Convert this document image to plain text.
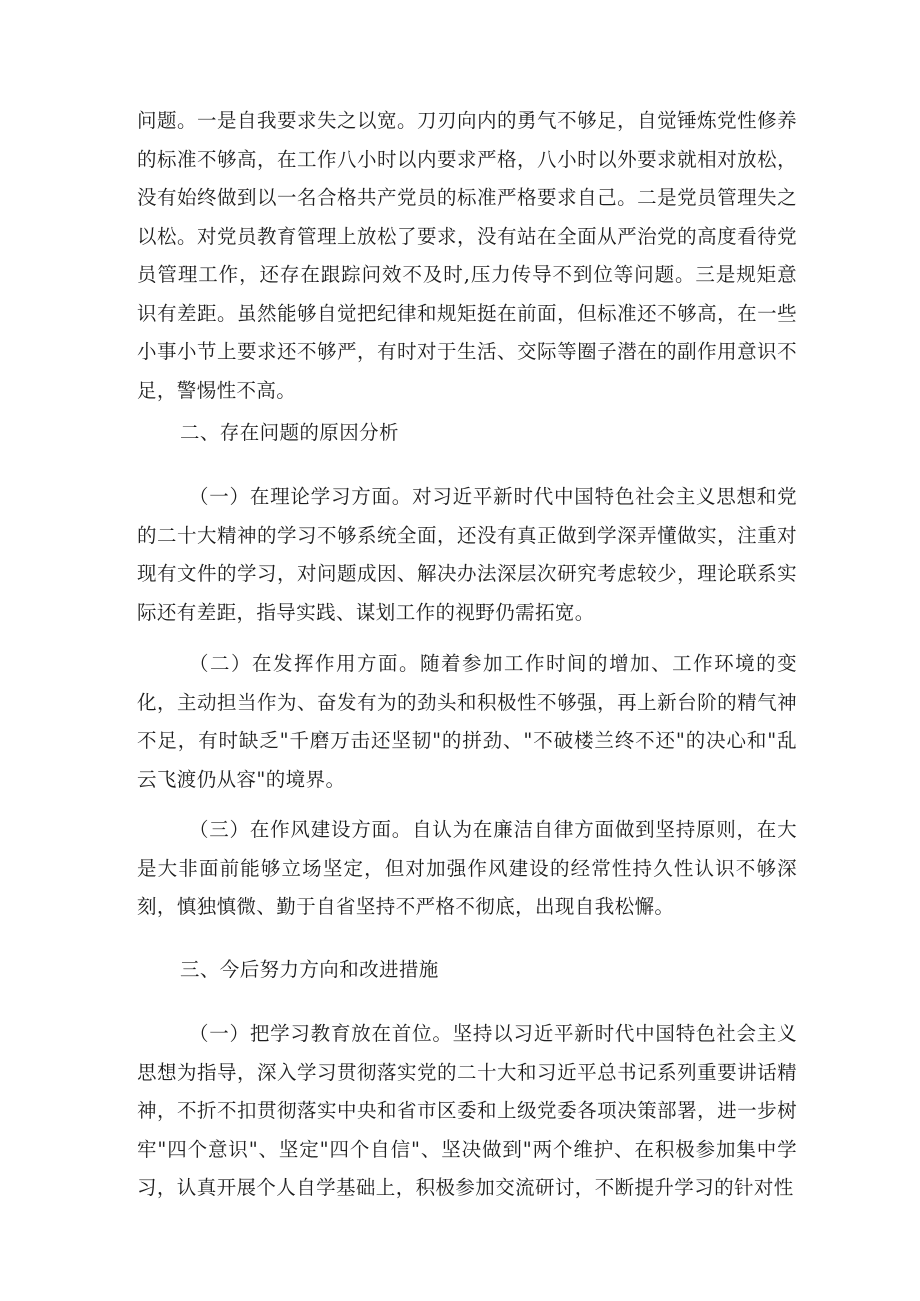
问题。一是自我要求失之以宽。刀刃向内的勇气不够足，自觉锤炼党性修养的标准不够高，在工作八小时以内要求严格，八小时以外要求就相对放松，没有始终做到以一名合格共产党员的标准严格要求自己。二是党员管理失之以松。对党员教育管理上放松了要求，没有站在全面从严治党的高度看待党员管理工作，还存在跟踪问效不及时,压力传导不到位等问题。三是规矩意识有差距。虽然能够自觉把纪律和规矩挺在前面，但标准还不够高，在一些小事小节上要求还不够严，有时对于生活、交际等圈子潜在的副作用意识不足，警惕性不高。

二、存在问题的原因分析

（一）在理论学习方面。对习近平新时代中国特色社会主义思想和党的二十大精神的学习不够系统全面，还没有真正做到学深弄懂做实，注重对现有文件的学习，对问题成因、解决办法深层次研究考虑较少，理论联系实际还有差距，指导实践、谋划工作的视野仍需拓宽。

（二）在发挥作用方面。随着参加工作时间的增加、工作环境的变化，主动担当作为、奋发有为的劲头和积极性不够强，再上新台阶的精气神不足，有时缺乏"千磨万击还坚韧"的拼劲、"不破楼兰终不还"的决心和"乱云飞渡仍从容"的境界。

（三）在作风建设方面。自认为在廉洁自律方面做到坚持原则，在大是大非面前能够立场坚定，但对加强作风建设的经常性持久性认识不够深刻，慎独慎微、勤于自省坚持不严格不彻底，出现自我松懈。

三、今后努力方向和改进措施

（一）把学习教育放在首位。坚持以习近平新时代中国特色社会主义思想为指导，深入学习贯彻落实党的二十大和习近平总书记系列重要讲话精神，不折不扣贯彻落实中央和省市区委和上级党委各项决策部署，进一步树牢"四个意识"、坚定"四个自信"、坚决做到"两个维护、在积极参加集中学习，认真开展个人自学基础上，积极参加交流研讨，不断提升学习的针对性
